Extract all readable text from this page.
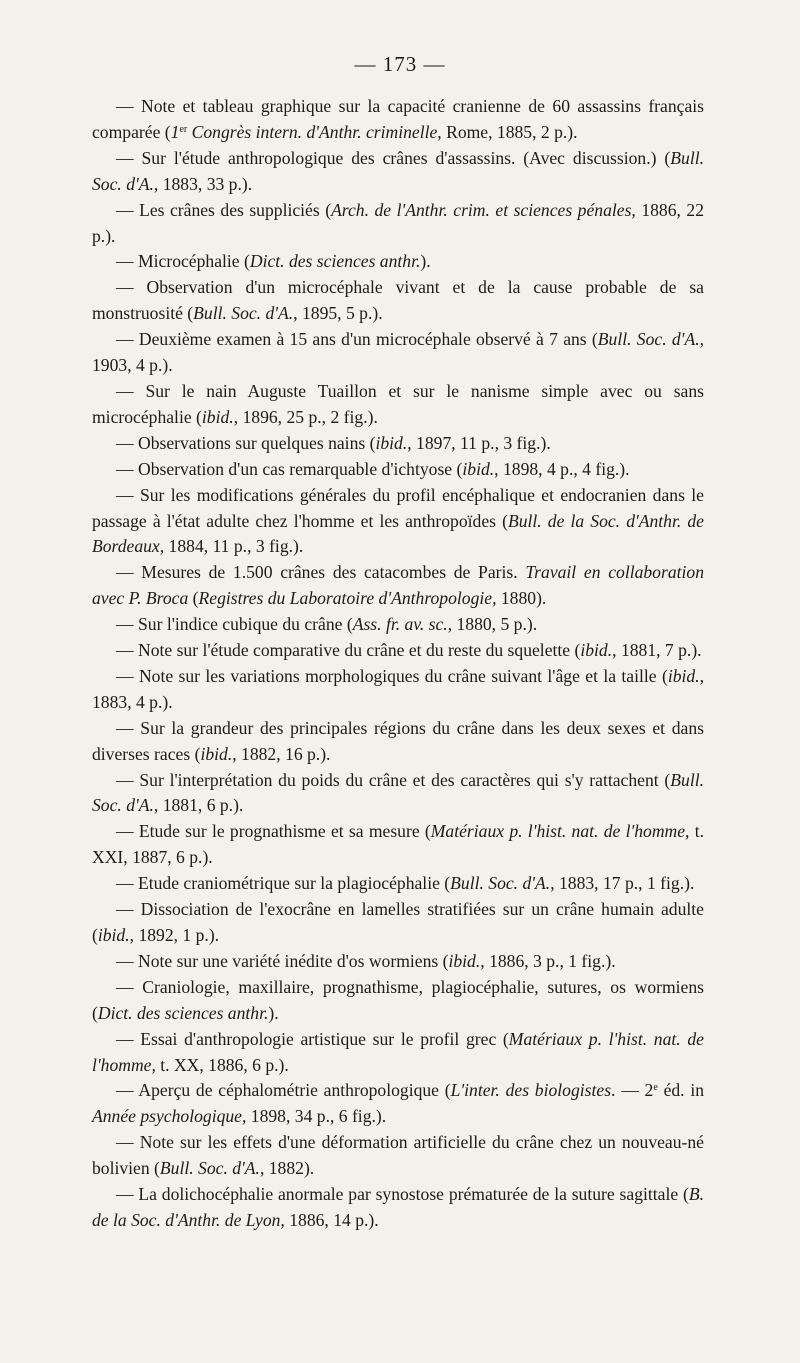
— 173 —

— Note et tableau graphique sur la capacité cranienne de 60 assassins français comparée (1er Congrès intern. d'Anthr. criminelle, Rome, 1885, 2 p.).

— Sur l'étude anthropologique des crânes d'assassins. (Avec discussion.) (Bull. Soc. d'A., 1883, 33 p.).

— Les crânes des suppliciés (Arch. de l'Anthr. crim. et sciences pénales, 1886, 22 p.).

— Microcéphalie (Dict. des sciences anthr.).

— Observation d'un microcéphale vivant et de la cause probable de sa monstruosité (Bull. Soc. d'A., 1895, 5 p.).

— Deuxième examen à 15 ans d'un microcéphale observé à 7 ans (Bull. Soc. d'A., 1903, 4 p.).

— Sur le nain Auguste Tuaillon et sur le nanisme simple avec ou sans microcéphalie (ibid., 1896, 25 p., 2 fig.).

— Observations sur quelques nains (ibid., 1897, 11 p., 3 fig.).

— Observation d'un cas remarquable d'ichtyose (ibid., 1898, 4 p., 4 fig.).

— Sur les modifications générales du profil encéphalique et endocranien dans le passage à l'état adulte chez l'homme et les anthropoïdes (Bull. de la Soc. d'Anthr. de Bordeaux, 1884, 11 p., 3 fig.).

— Mesures de 1.500 crânes des catacombes de Paris. Travail en collaboration avec P. Broca (Registres du Laboratoire d'Anthropologie, 1880).

— Sur l'indice cubique du crâne (Ass. fr. av. sc., 1880, 5 p.).

— Note sur l'étude comparative du crâne et du reste du squelette (ibid., 1881, 7 p.).

— Note sur les variations morphologiques du crâne suivant l'âge et la taille (ibid., 1883, 4 p.).

— Sur la grandeur des principales régions du crâne dans les deux sexes et dans diverses races (ibid., 1882, 16 p.).

— Sur l'interprétation du poids du crâne et des caractères qui s'y rattachent (Bull. Soc. d'A., 1881, 6 p.).

— Etude sur le prognathisme et sa mesure (Matériaux p. l'hist. nat. de l'homme, t. XXI, 1887, 6 p.).

— Etude craniométrique sur la plagiocéphalie (Bull. Soc. d'A., 1883, 17 p., 1 fig.).

— Dissociation de l'exocrâne en lamelles stratifiées sur un crâne humain adulte (ibid., 1892, 1 p.).

— Note sur une variété inédite d'os wormiens (ibid., 1886, 3 p., 1 fig.).

— Craniologie, maxillaire, prognathisme, plagiocéphalie, sutures, os wormiens (Dict. des sciences anthr.).

— Essai d'anthropologie artistique sur le profil grec (Matériaux p. l'hist. nat. de l'homme, t. XX, 1886, 6 p.).

— Aperçu de céphalométrie anthropologique (L'inter. des biologistes. — 2e éd. in Année psychologique, 1898, 34 p., 6 fig.).

— Note sur les effets d'une déformation artificielle du crâne chez un nouveau-né bolivien (Bull. Soc. d'A., 1882).

— La dolichocéphalie anormale par synostose prématurée de la suture sagittale (B. de la Soc. d'Anthr. de Lyon, 1886, 14 p.).
